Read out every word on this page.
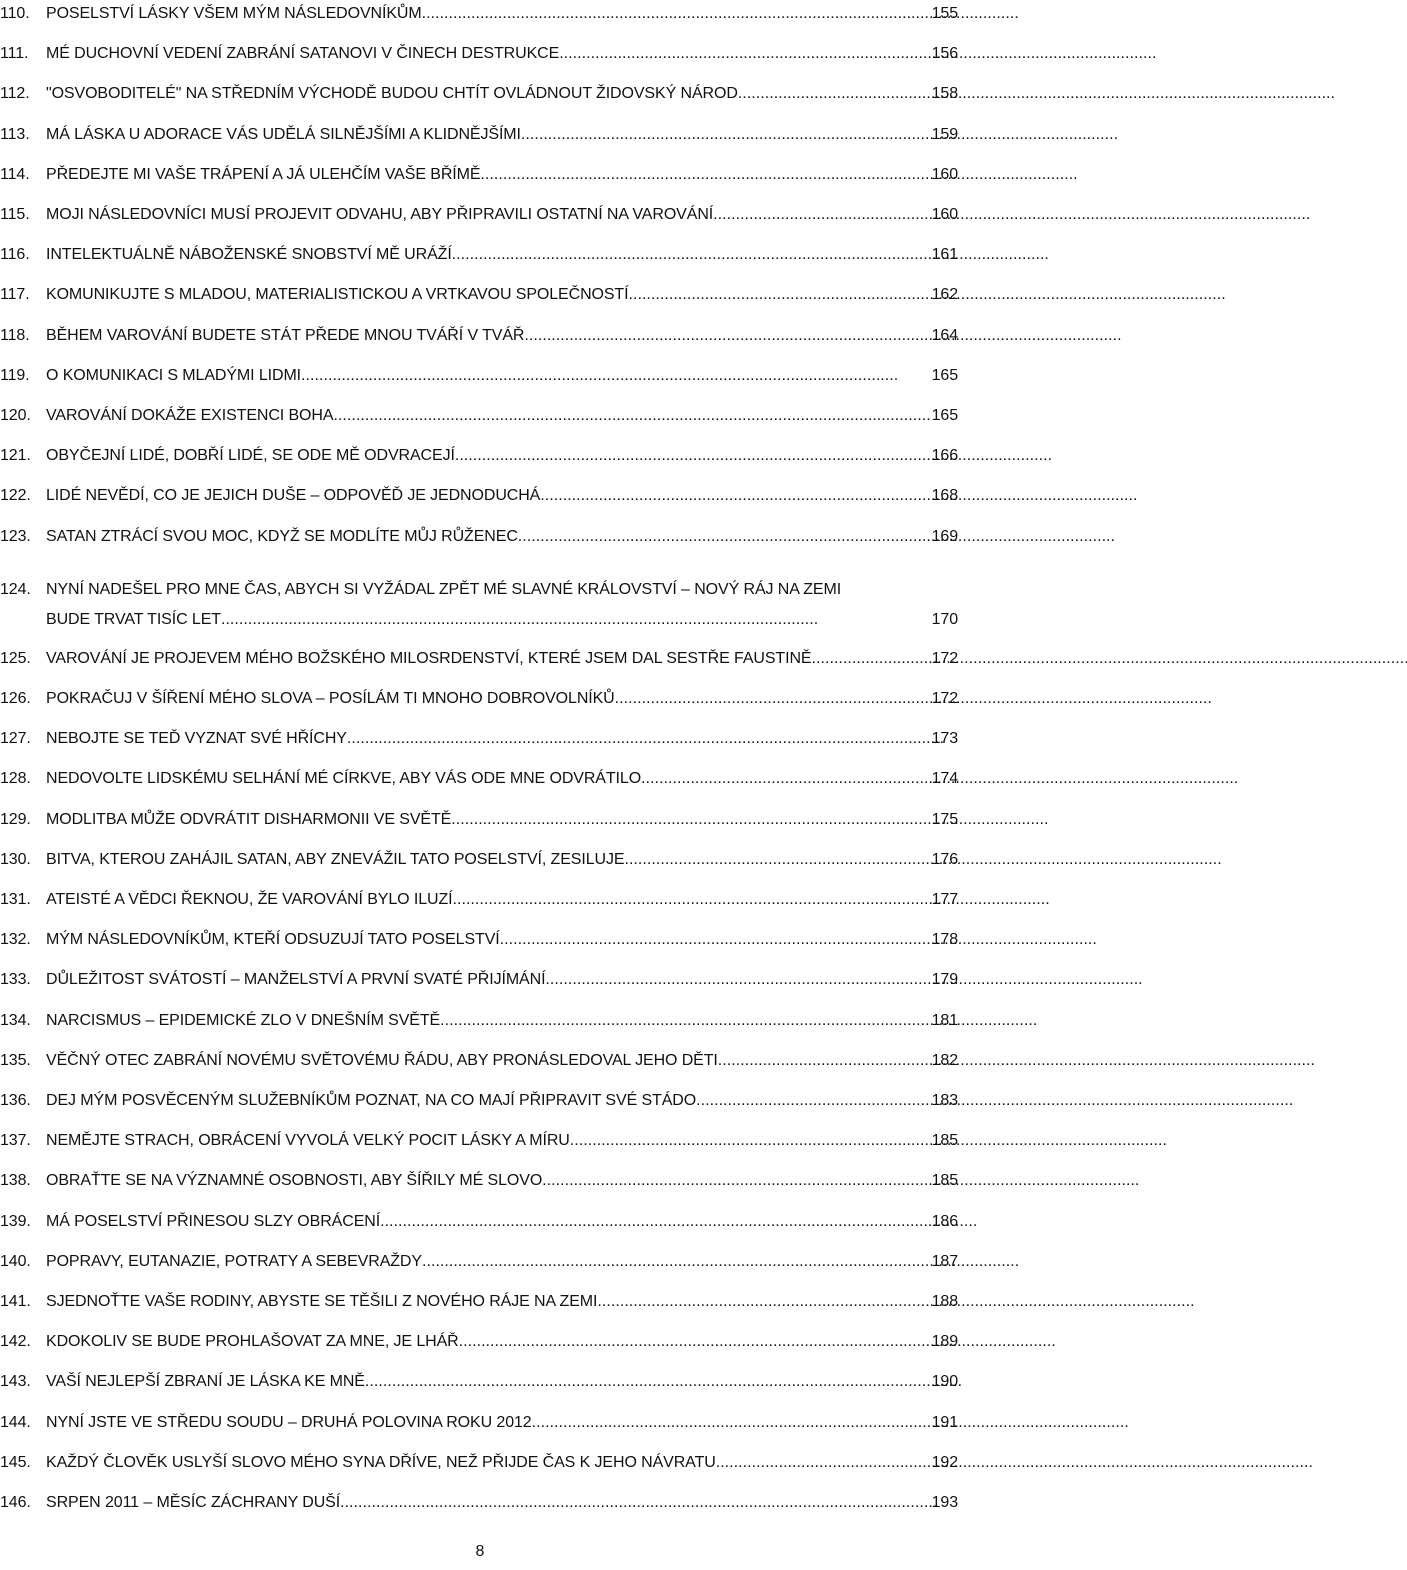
110.	POSELSTVÍ LÁSKY VŠEM MÝM NÁSLEDOVNÍKŮM . . .	155
111.	MÉ DUCHOVNÍ VEDENÍ ZABRÁNÍ SATANOVI V ČINECH DESTRUKCE . . .	156
112.	"OSVOBODITELÉ" NA STŘEDNÍM VÝCHODĚ BUDOU CHTÍT OVLÁDNOUT ŽIDOVSKÝ NÁROD . . .	158
113.	MÁ LÁSKA U ADORACE VÁS UDĚLÁ SILNĚJŠÍMI A KLIDNĚJŠÍMI . . .	159
114.	PŘEDEJTE MI VAŠE TRÁPENÍ A JÁ ULEHČÍM VAŠE BŘÍMĚ . . .	160
115.	MOJI NÁSLEDOVNÍCI MUSÍ PROJEVIT ODVAHU, ABY PŘIPRAVILI OSTATNÍ NA VAROVÁNÍ . . .	160
116.	INTELEKTUÁLNĚ NÁBOŽENSKÉ SNOBSTVÍ MĚ URÁŽÍ . . .	161
117.	KOMUNIKUJTE S MLADOU, MATERIALISTICKOU A VRTKAVOU SPOLEČNOSTÍ . . .	162
118.	BĚHEM VAROVÁNÍ BUDETE STÁT PŘEDE MNOU TVÁŘÍ V TVÁŘ . . .	164
119.	O KOMUNIKACI S MLADÝMI LIDMI . . .	165
120. VAROVÁNÍ DOKÁŽE EXISTENCI BOHA . . .	165
121. OBYČEJNÍ LIDÉ, DOBŘÍ LIDÉ, SE ODE MĚ ODVRACEJÍ . . .	166
122. LIDÉ NEVĚDÍ, CO JE JEJICH DUŠE – ODPOVĚĎ JE JEDNODUCHÁ . . .	168
123. SATAN ZTRÁCÍ SVOU MOC, KDYŽ SE MODLÍTE MŮJ RŮŽENEC . . .	169
124. NYNÍ NADEŠEL PRO MNE ČAS, ABYCH SI VYŽÁDAL ZPĚT MÉ SLAVNÉ KRÁLOVSTVÍ – NOVÝ RÁJ NA ZEMI
BUDE TRVAT TISÍC LET . . .	170
125. VAROVÁNÍ JE PROJEVEM MÉHO BOŽSKÉHO MILOSRDENSTVÍ, KTERÉ JSEM DAL SESTŘE FAUSTINĚ . . .	172
126. POKRAČUJ V ŠÍŘENÍ MÉHO SLOVA – POSÍLÁM TI MNOHO DOBROVOLNÍKŮ . . .	172
127. NEBOJTE SE TEĎ VYZNAT SVÉ HŘÍCHY . . .	173
128. NEDOVOLTE LIDSKÉMU SELHÁNÍ MÉ CÍRKVE, ABY VÁS ODE MNE ODVRÁTILO . . .	174
129. MODLITBA MŮŽE ODVRÁTIT DISHARMONII VE SVĚTĚ . . .	175
130. BITVA, KTEROU ZAHÁJIL SATAN, ABY ZNEVÁŽIL TATO POSELSTVÍ, ZESILUJE . . .	176
131. ATEISTÉ A VĚDCI ŘEKNOU, ŽE VAROVÁNÍ BYLO ILUZÍ . . .	177
132. MÝM NÁSLEDOVNÍKŮM, KTEŘÍ ODSUZUJÍ TATO POSELSTVÍ . . .	178
133. DŮLEŽITOST SVÁTOSTÍ – MANŽELSTVÍ A PRVNÍ SVATÉ PŘIJÍMÁNÍ . . .	179
134. NARCISMUS – EPIDEMICKÉ ZLO V DNEŠNÍM SVĚTĚ . . .	181
135. VĚČNÝ OTEC ZABRÁNÍ NOVÉMU SVĚTOVÉMU ŘÁDU, ABY PRONÁSLEDOVAL JEHO DĚTI . . .	182
136. DEJ MÝM POSVĚCENÝM SLUŽEBNÍKŮM POZNAT, NA CO MAJÍ PŘIPRAVIT SVÉ STÁDO . . .	183
137. NEMĚJTE STRACH, OBRÁCENÍ VYVOLÁ VELKÝ POCIT LÁSKY A MÍRU . . .	185
138. OBRAŤTE SE NA VÝZNAMNÉ OSOBNOSTI, ABY ŠÍŘILY MÉ SLOVO . . .	185
139. MÁ POSELSTVÍ PŘINESOU SLZY OBRÁCENÍ . . .	186
140. POPRAVY, EUTANAZIE, POTRATY A SEBEVRAŽDY . . .	187
141. SJEDNOŤTE VAŠE RODINY, ABYSTE SE TĚŠILI Z NOVÉHO RÁJE NA ZEMI . . .	188
142. KDOKOLIV SE BUDE PROHLAŠOVAT ZA MNE, JE LHÁŘ . . .	189
143. VAŠÍ NEJLEPŠÍ ZBRANÍ JE LÁSKA KE MNĚ . . .	190
144. NYNÍ JSTE VE STŘEDU SOUDU – DRUHÁ POLOVINA ROKU 2012 . . .	191
145. KAŽDÝ ČLOVĚK USLYŠÍ SLOVO MÉHO SYNA DŘÍVE, NEŽ PŘIJDE ČAS K JEHO NÁVRATU . . .	192
146. SRPEN 2011 – MĚSÍC ZÁCHRANY DUŠÍ . . .	193
8
